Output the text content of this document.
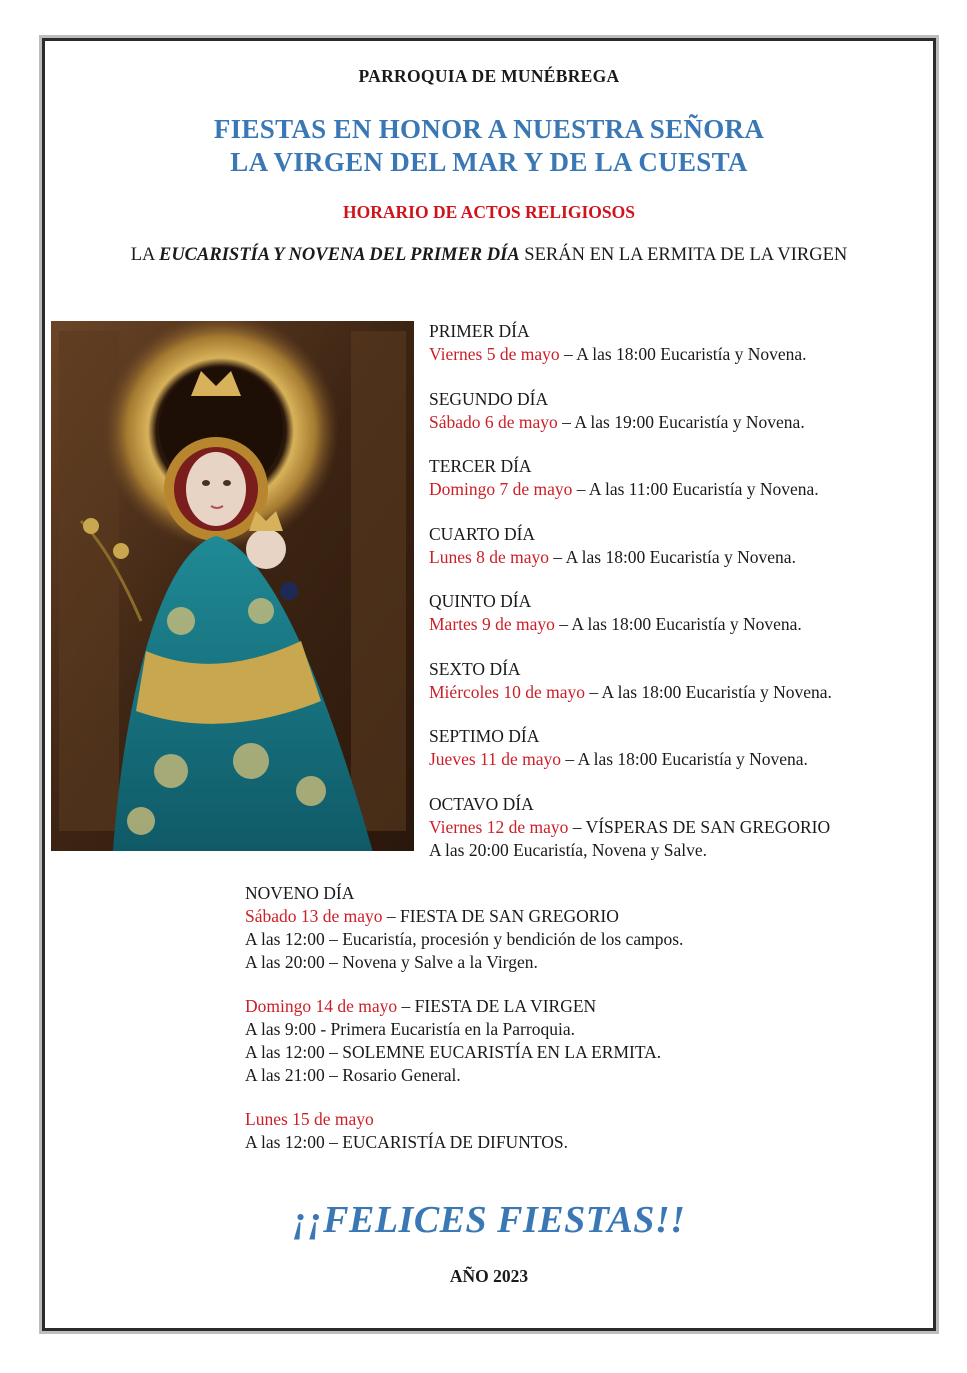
PARROQUIA DE MUNÉBREGA
FIESTAS EN HONOR A NUESTRA SEÑORA
LA VIRGEN DEL MAR Y DE LA CUESTA
HORARIO DE ACTOS RELIGIOSOS
LA EUCARISTÍA Y NOVENA DEL PRIMER DÍA SERÁN EN LA ERMITA DE LA VIRGEN
PRIMER DÍA
Viernes 5 de mayo – A las 18:00 Eucaristía y Novena.
SEGUNDO DÍA
Sábado 6 de mayo – A las 19:00 Eucaristía y Novena.
TERCER DÍA
Domingo 7 de mayo – A las 11:00 Eucaristía y Novena.
CUARTO DÍA
Lunes 8 de mayo – A las 18:00 Eucaristía y Novena.
QUINTO DÍA
Martes 9 de mayo – A las 18:00 Eucaristía y Novena.
SEXTO DÍA
Miércoles 10 de mayo – A las 18:00 Eucaristía y Novena.
SEPTIMO DÍA
Jueves 11 de mayo – A las 18:00 Eucaristía y Novena.
OCTAVO DÍA
Viernes 12 de mayo – VÍSPERAS DE SAN GREGORIO
A las 20:00 Eucaristía, Novena y Salve.
NOVENO DÍA
Sábado 13 de mayo – FIESTA DE SAN GREGORIO
A las 12:00 – Eucaristía, procesión y bendición de los campos.
A las 20:00 – Novena y Salve a la Virgen.
Domingo 14 de mayo – FIESTA DE LA VIRGEN
A las 9:00 - Primera Eucaristía en la Parroquia.
A las 12:00 – SOLEMNE EUCARISTÍA EN LA ERMITA.
A las 21:00 – Rosario General.
Lunes 15 de mayo
A las 12:00 – EUCARISTÍA DE DIFUNTOS.
¡¡FELICES FIESTAS!!
AÑO 2023
